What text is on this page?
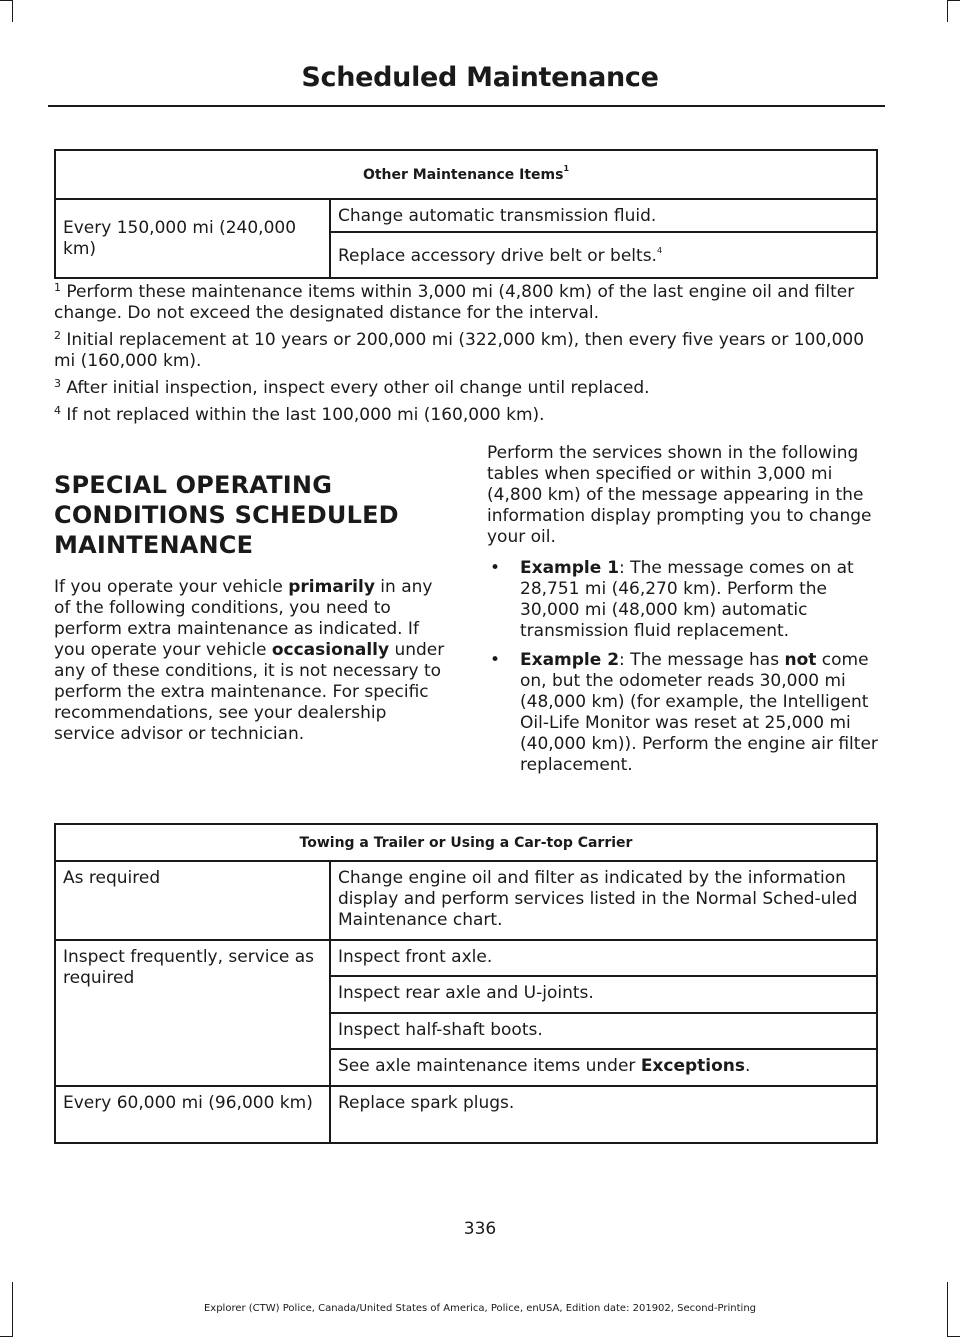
Scheduled Maintenance
Other Maintenance Items$^1$
Every 150,000 mi (240,000 km)	Change automatic transmission fluid.
Replace accessory drive belt or belts.$^4$

$^1$ Perform these maintenance items within 3,000 mi (4,800 km) of the last engine oil and filter change. Do not exceed the designated distance for the interval.

$^2$ Initial replacement at 10 years or 200,000 mi (322,000 km), then every five years or 100,000 mi (160,000 km).

$^3$ After initial inspection, inspect every other oil change until replaced.

$^4$ If not replaced within the last 100,000 mi (160,000 km).

SPECIAL OPERATING
CONDITIONS SCHEDULED
MAINTENANCE

If you operate your vehicle primarily in any of the following conditions, you need to perform extra maintenance as indicated. If you operate your vehicle occasionally under any of these conditions, it is not necessary to perform the extra maintenance. For specific recommendations, see your dealership service advisor or technician.

Perform the services shown in the following tables when specified or within 3,000 mi (4,800 km) of the message appearing in the information display prompting you to change your oil.

• Example 1: The message comes on at 28,751 mi (46,270 km). Perform the 30,000 mi (48,000 km) automatic transmission fluid replacement.
• Example 2: The message has not come on, but the odometer reads 30,000 mi (48,000 km) (for example, the Intelligent Oil-Life Monitor was reset at 25,000 mi (40,000 km)). Perform the engine air filter replacement.
Towing a Trailer or Using a Car-top Carrier	
As required	Change engine oil and filter as indicated by the information display and perform services listed in the Normal Sched-uled Maintenance chart.
Inspect frequently, service as required	Inspect front axle.
	Inspect rear axle and U-joints.
	Inspect half-shaft boots.
	See axle maintenance items under Exceptions.
Every 60,000 mi (96,000 km)	Replace spark plugs.
336
Explorer (CTW) Police, Canada/United States of America, Police, enUSA, Edition date: 201902, Second-Printing
